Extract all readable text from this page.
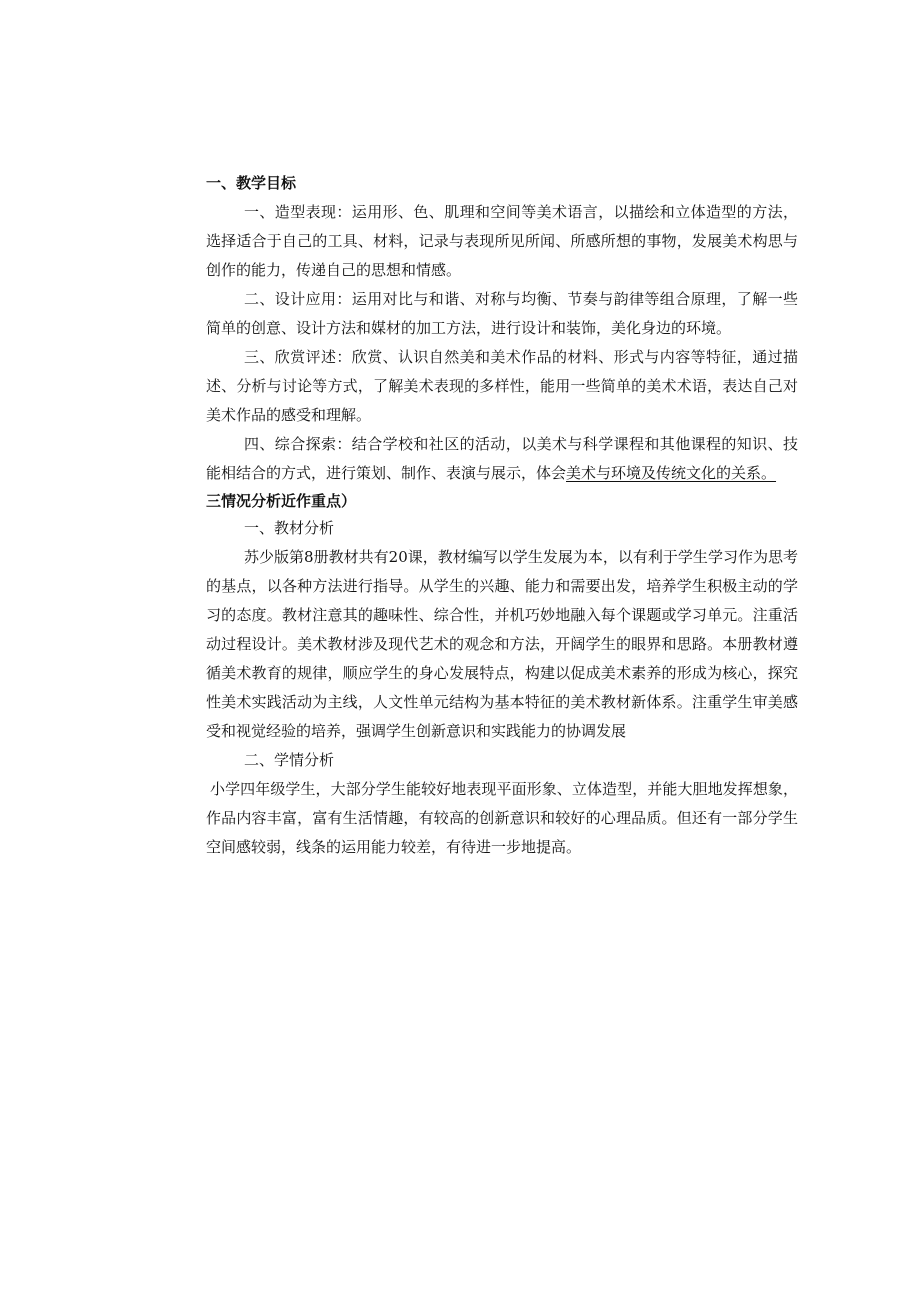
一、教学目标

一、造型表现：运用形、色、肌理和空间等美术语言，以描绘和立体造型的方法，选择适合于自己的工具、材料，记录与表现所见所闻、所感所想的事物，发展美术构思与创作的能力，传递自己的思想和情感。

二、设计应用：运用对比与和谐、对称与均衡、节奏与韵律等组合原理，了解一些简单的创意、设计方法和媒材的加工方法，进行设计和装饰，美化身边的环境。

三、欣赏评述：欣赏、认识自然美和美术作品的材料、形式与内容等特征，通过描述、分析与讨论等方式，了解美术表现的多样性，能用一些简单的美术术语，表达自己对美术作品的感受和理解。

四、综合探索：结合学校和社区的活动，以美术与科学课程和其他课程的知识、技能相结合的方式，进行策划、制作、表演与展示，体会美术与环境及传统文化的关系。

三情况分析近作重点）

一、教材分析

苏少版第8册教材共有20课，教材编写以学生发展为本，以有利于学生学习作为思考的基点，以各种方法进行指导。从学生的兴趣、能力和需要出发，培养学生积极主动的学习的态度。教材注意其的趣味性、综合性，并机巧妙地融入每个课题或学习单元。注重活动过程设计。美术教材涉及现代艺术的观念和方法，开阔学生的眼界和思路。本册教材遵循美术教育的规律，顺应学生的身心发展特点，构建以促成美术素养的形成为核心，探究性美术实践活动为主线，人文性单元结构为基本特征的美术教材新体系。注重学生审美感受和视觉经验的培养，强调学生创新意识和实践能力的协调发展

二、学情分析

小学四年级学生，大部分学生能较好地表现平面形象、立体造型，并能大胆地发挥想象，作品内容丰富，富有生活情趣，有较高的创新意识和较好的心理品质。但还有一部分学生空间感较弱，线条的运用能力较差，有待进一步地提高。
